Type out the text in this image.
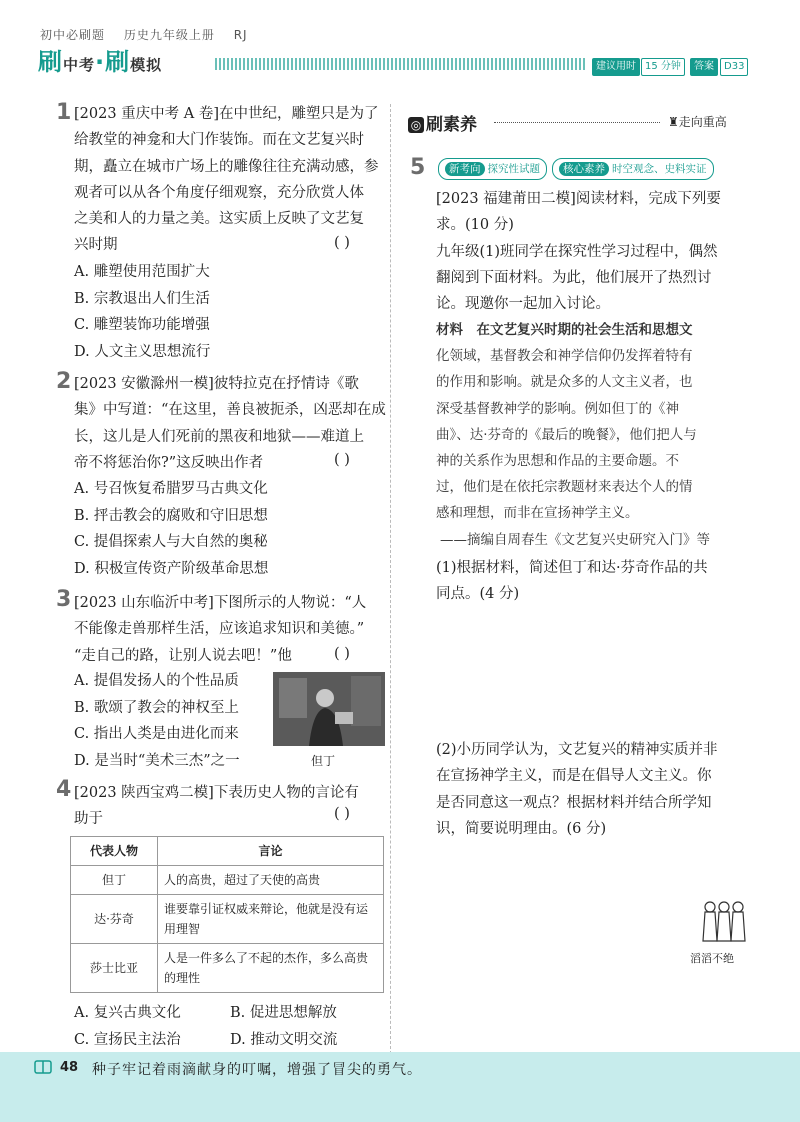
初中必刷题 历史九年级上册 RJ
刷中考·刷模拟	建议用时 15 分钟	答案	D33
1 [2023 重庆中考 A 卷]在中世纪，雕塑只是为了
给教堂的神龛和大门作装饰。而在文艺复兴时
期，矗立在城市广场上的雕像往往充满动感，参
观者可以从各个角度仔细观察，充分欣赏人体
之美和人的力量之美。这实质上反映了文艺复
兴时期	( )
A. 雕塑使用范围扩大
B. 宗教退出人们生活
C. 雕塑装饰功能增强
D. 人文主义思想流行
2 [2023 安徽滁州一模]彼特拉克在抒情诗《歌
集》中写道：“在这里，善良被扼杀，凶恶却在成
长，这儿是人们死前的黑夜和地狱——难道上
帝不将惩治你?”这反映出作者	( )
A. 号召恢复希腊罗马古典文化
B. 抨击教会的腐败和守旧思想
C. 提倡探索人与大自然的奥秘
D. 积极宣传资产阶级革命思想
3 [2023 山东临沂中考]下图所示的人物说：“人
不能像走兽那样生活，应该追求知识和美德。”
“走自己的路，让别人说去吧！”他	( )
A. 提倡发扬人的个性品质
B. 歌颂了教会的神权至上
C. 指出人类是由进化而来
D. 是当时“美术三杰”之一	但丁
4 [2023 陕西宝鸡二模]下表历史人物的言论有
助于	( )
代表人物	言论
但丁	人的高贵，超过了天使的高贵
达·芬奇	谁要靠引证权威来辩论，他就是没有运用理智
莎士比亚	人是一件多么了不起的杰作，多么高贵的理性
A. 复兴古典文化	B. 促进思想解放
C. 宣扬民主法治	D. 推动文明交流
◎ 刷素养	♜走向重高
5	新考向 探究性试题	核心素养 时空观念、史料实证
[2023 福建莆田二模]阅读材料，完成下列要
求。(10 分)
九年级(1)班同学在探究性学习过程中，偶然
翻阅到下面材料。为此，他们展开了热烈讨
论。现邀你一起加入讨论。
材料　在文艺复兴时期的社会生活和思想文
化领域，基督教会和神学信仰仍发挥着特有
的作用和影响。就是众多的人文主义者，也
深受基督教神学的影响。例如但丁的《神
曲》、达·芬奇的《最后的晚餐》，他们把人与
神的关系作为思想和作品的主要命题。不
过，他们是在依托宗教题材来表达个人的情
感和理想，而非在宣扬神学主义。
——摘编自周春生《文艺复兴史研究入门》等
(1)根据材料，简述但丁和达·芬奇作品的共
同点。(4 分)
(2)小历同学认为，文艺复兴的精神实质并非
在宣扬神学主义，而是在倡导人文主义。你
是否同意这一观点？根据材料并结合所学知
识，简要说明理由。(6 分)
滔滔不绝
48 种子牢记着雨滴献身的叮嘱，增强了冒尖的勇气。
